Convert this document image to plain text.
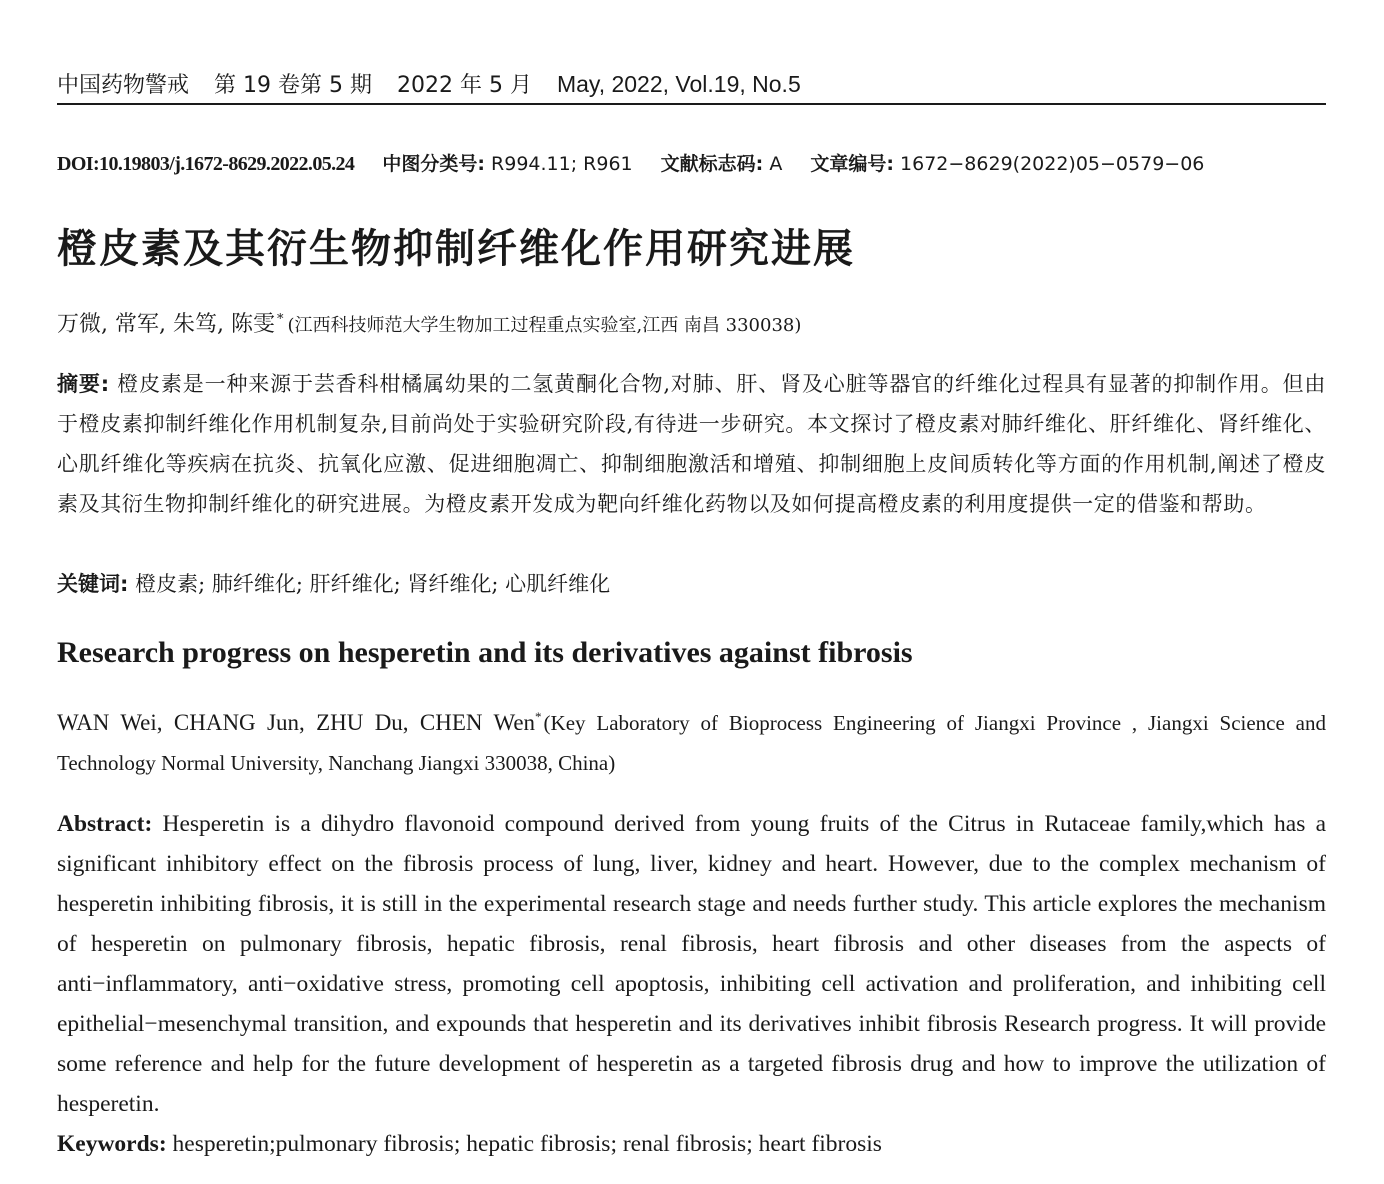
中国药物警戒 第 19 卷第 5 期 2022 年 5 月 May, 2022, Vol.19, No.5
DOI:10.19803/j.1672-8629.2022.05.24 中图分类号: R994.11; R961 文献标志码: A 文章编号: 1672−8629(2022)05−0579−06
橙皮素及其衍生物抑制纤维化作用研究进展
万微, 常军, 朱笃, 陈雯 * (江西科技师范大学生物加工过程重点实验室,江西 南昌 330038)
摘要: 橙皮素是一种来源于芸香科柑橘属幼果的二氢黄酮化合物,对肺、肝、肾及心脏等器官的纤维化过程具有显著的抑制作用。但由于橙皮素抑制纤维化作用机制复杂,目前尚处于实验研究阶段,有待进一步研究。本文探讨了橙皮素对肺纤维化、肝纤维化、肾纤维化、心肌纤维化等疾病在抗炎、抗氧化应激、促进细胞凋亡、抑制细胞激活和增殖、抑制细胞上皮间质转化等方面的作用机制,阐述了橙皮素及其衍生物抑制纤维化的研究进展。为橙皮素开发成为靶向纤维化药物以及如何提高橙皮素的利用度提供一定的借鉴和帮助。
关键词: 橙皮素; 肺纤维化; 肝纤维化; 肾纤维化; 心肌纤维化
Research progress on hesperetin and its derivatives against fibrosis
WAN Wei, CHANG Jun, ZHU Du, CHEN Wen*(Key Laboratory of Bioprocess Engineering of Jiangxi Province , Jiangxi Science and Technology Normal University, Nanchang Jiangxi 330038, China)
Abstract: Hesperetin is a dihydro flavonoid compound derived from young fruits of the Citrus in Rutaceae family,which has a significant inhibitory effect on the fibrosis process of lung, liver, kidney and heart. However, due to the complex mechanism of hesperetin inhibiting fibrosis, it is still in the experimental research stage and needs further study. This article explores the mechanism of hesperetin on pulmonary fibrosis, hepatic fibrosis, renal fibrosis, heart fibrosis and other diseases from the aspects of anti−inflammatory, anti−oxidative stress, promoting cell apoptosis, inhibiting cell activation and proliferation, and inhibiting cell epithelial−mesenchymal transition, and expounds that hesperetin and its derivatives inhibit fibrosis Research progress. It will provide some reference and help for the future development of hesperetin as a targeted fibrosis drug and how to improve the utilization of hesperetin.
Keywords: hesperetin;pulmonary fibrosis; hepatic fibrosis; renal fibrosis; heart fibrosis
